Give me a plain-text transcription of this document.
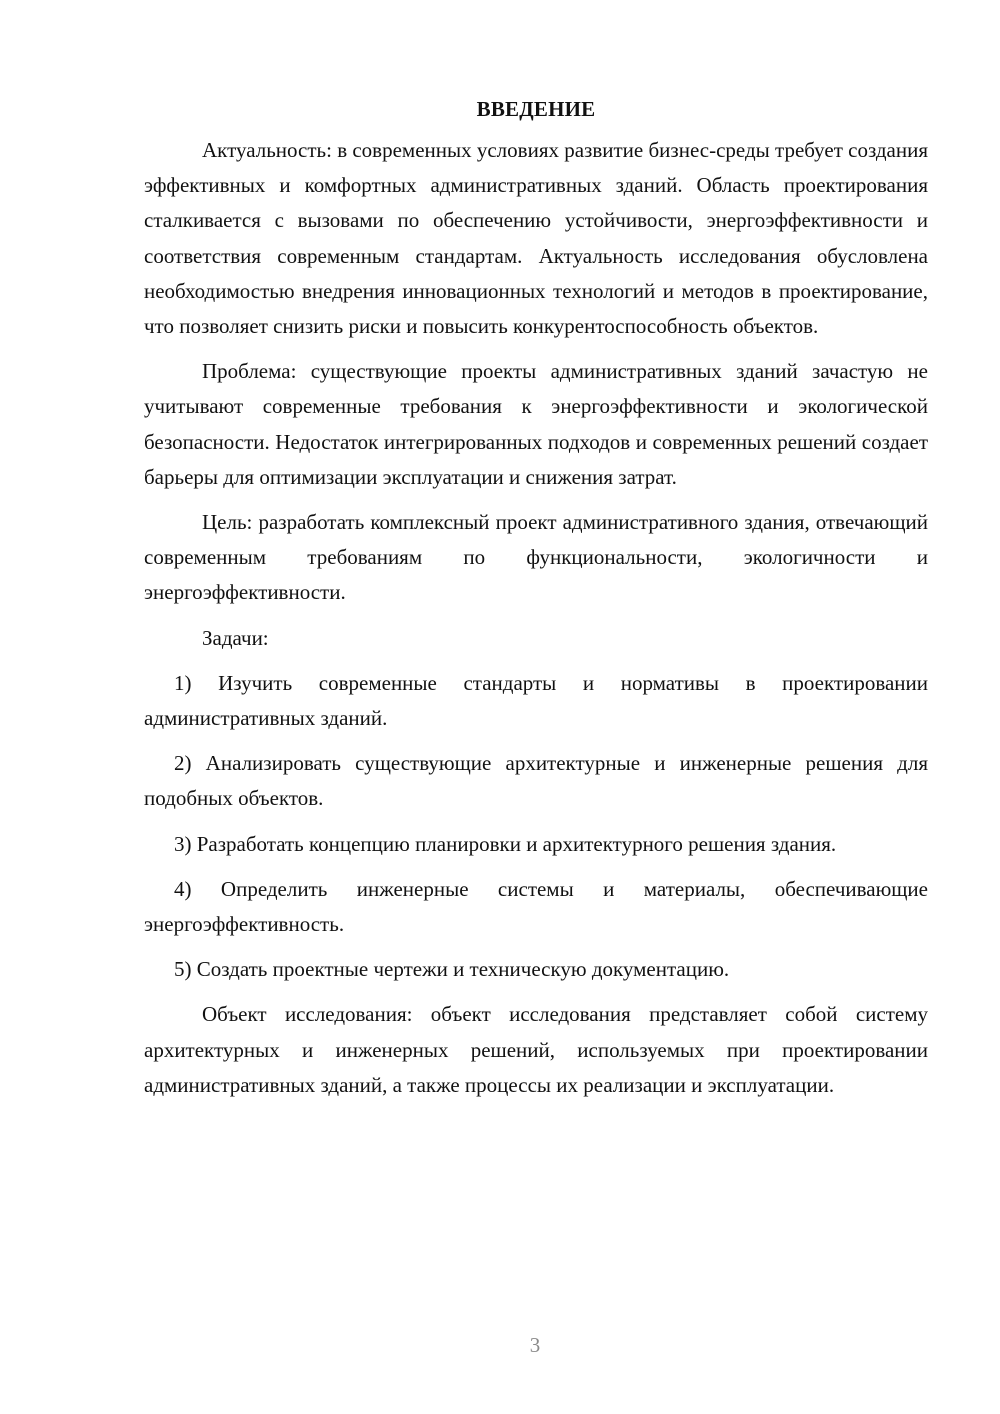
ВВЕДЕНИЕ

Актуальность: в современных условиях развитие бизнес-среды требует создания эффективных и комфортных административных зданий. Область проектирования сталкивается с вызовами по обеспечению устойчивости, энергоэффективности и соответствия современным стандартам. Актуальность исследования обусловлена необходимостью внедрения инновационных технологий и методов в проектирование, что позволяет снизить риски и повысить конкурентоспособность объектов.

Проблема: существующие проекты административных зданий зачастую не учитывают современные требования к энергоэффективности и экологической безопасности. Недостаток интегрированных подходов и современных решений создает барьеры для оптимизации эксплуатации и снижения затрат.

Цель: разработать комплексный проект административного здания, отвечающий современным требованиям по функциональности, экологичности и энергоэффективности.

Задачи:

1) Изучить современные стандарты и нормативы в проектировании административных зданий.

2) Анализировать существующие архитектурные и инженерные решения для подобных объектов.

3) Разработать концепцию планировки и архитектурного решения здания.

4) Определить инженерные системы и материалы, обеспечивающие энергоэффективность.

5) Создать проектные чертежи и техническую документацию.

Объект исследования: объект исследования представляет собой систему архитектурных и инженерных решений, используемых при проектировании административных зданий, а также процессы их реализации и эксплуатации.

3
